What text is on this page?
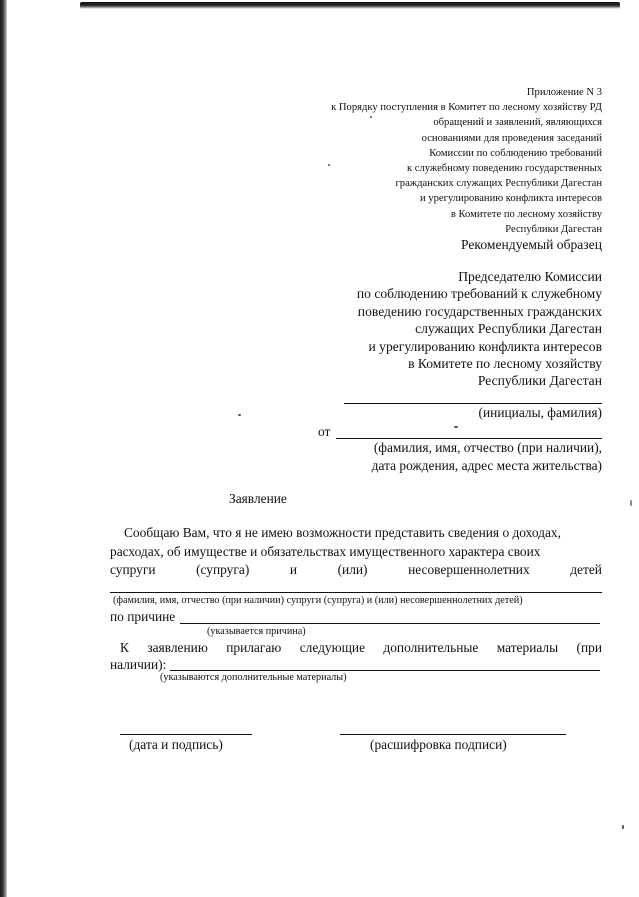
Приложение N 3
к Порядку поступления в Комитет по лесному хозяйству РД
обращений и заявлений, являющихся
основаниями для проведения заседаний
Комиссии по соблюдению требований
к служебному поведению государственных
гражданских служащих Республики Дагестан
и урегулированию конфликта интересов
в Комитете по лесному хозяйству
Республики Дагестан
Рекомендуемый образец
Председателю Комиссии
по соблюдению требований к служебному
поведению государственных гражданских
служащих Республики Дагестан
и урегулированию конфликта интересов
в Комитете по лесному хозяйству
Республики Дагестан
(инициалы, фамилия)
от
(фамилия, имя, отчество (при наличии),
дата рождения, адрес места жительства)
Заявление
Сообщаю Вам, что я не имею возможности представить сведения о доходах,
расходах, об имуществе и обязательствах имущественного характера своих
супруги	(супруга)	и	(или)	несовершеннолетних	детей
(фамилия, имя, отчество (при наличии) супруги (супруга) и (или) несовершеннолетних детей)
по причине
(указывается причина)
К заявлению прилагаю следующие дополнительные материалы (при
наличии):
(указываются дополнительные материалы)
(дата и подпись)	(расшифровка подписи)
